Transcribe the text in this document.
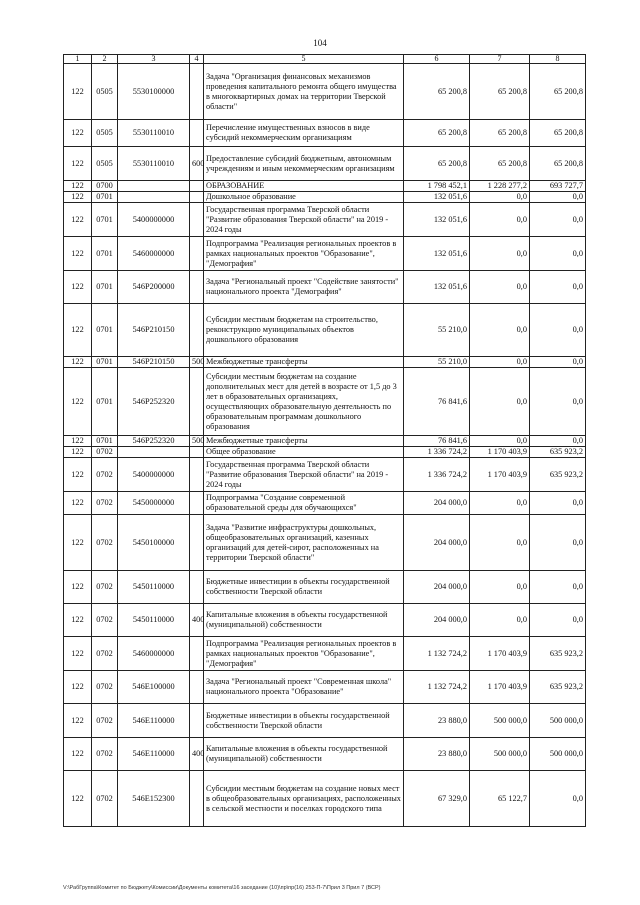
104
1	2	3	4	5	6	7	8
122	0505	5530100000		Задача "Организация финансовых механизмов проведения капитального ремонта общего имущества в многоквартирных домах на территории Тверской области"	65 200,8	65 200,8	65 200,8
122	0505	5530110010		Перечисление имущественных взносов в виде субсидий некоммерческим организациям	65 200,8	65 200,8	65 200,8
122	0505	5530110010	600	Предоставление субсидий бюджетным, автономным учреждениям и иным некоммерческим организациям	65 200,8	65 200,8	65 200,8
122	0700			ОБРАЗОВАНИЕ	1 798 452,1	1 228 277,2	693 727,7
122	0701			Дошкольное образование	132 051,6	0,0	0,0
122	0701	5400000000		Государственная программа Тверской области "Развитие образования Тверской области" на 2019 - 2024 годы	132 051,6	0,0	0,0
122	0701	5460000000		Подпрограмма "Реализация региональных проектов в рамках национальных проектов "Образование", "Демография"	132 051,6	0,0	0,0
122	0701	546P200000		Задача "Региональный проект "Содействие занятости" национального проекта "Демография"	132 051,6	0,0	0,0
122	0701	546P210150		Субсидии местным бюджетам на строительство, реконструкцию муниципальных объектов дошкольного образования	55 210,0	0,0	0,0
122	0701	546P210150	500	Межбюджетные трансферты	55 210,0	0,0	0,0
122	0701	546P252320		Субсидии местным бюджетам на создание дополнительных мест для детей в возрасте от 1,5 до 3 лет в образовательных организациях, осуществляющих образовательную деятельность по образовательным программам дошкольного образования	76 841,6	0,0	0,0
122	0701	546P252320	500	Межбюджетные трансферты	76 841,6	0,0	0,0
122	0702			Общее образование	1 336 724,2	1 170 403,9	635 923,2
122	0702	5400000000		Государственная программа Тверской области "Развитие образования Тверской области" на 2019 - 2024 годы	1 336 724,2	1 170 403,9	635 923,2
122	0702	5450000000		Подпрограмма "Создание современной образовательной среды для обучающихся"	204 000,0	0,0	0,0
122	0702	5450100000		Задача "Развитие инфраструктуры дошкольных, общеобразовательных организаций, казенных организаций для детей-сирот, расположенных на территории Тверской области"	204 000,0	0,0	0,0
122	0702	5450110000		Бюджетные инвестиции в объекты государственной собственности Тверской области	204 000,0	0,0	0,0
122	0702	5450110000	400	Капитальные вложения в объекты государственной (муниципальной) собственности	204 000,0	0,0	0,0
122	0702	5460000000		Подпрограмма "Реализация региональных проектов в рамках национальных проектов "Образование", "Демография"	1 132 724,2	1 170 403,9	635 923,2
122	0702	546E100000		Задача "Региональный проект "Современная школа" национального проекта "Образование"	1 132 724,2	1 170 403,9	635 923,2
122	0702	546E110000		Бюджетные инвестиции в объекты государственной собственности Тверской области	23 880,0	500 000,0	500 000,0
122	0702	546E110000	400	Капитальные вложения в объекты государственной (муниципальной) собственности	23 880,0	500 000,0	500 000,0
122	0702	546E152300		Субсидии местным бюджетам на создание новых мест в общеобразовательных организациях, расположенных в сельской местности и поселках городского типа	67 329,0	65 122,7	0,0
V:\РабГруппа\Комитет по Бюджету\Комиссии\Документы комитета\16 заседание (10)\пр\пр(16) 253-П-7\Прил 3 Прил 7 (ВСР)
